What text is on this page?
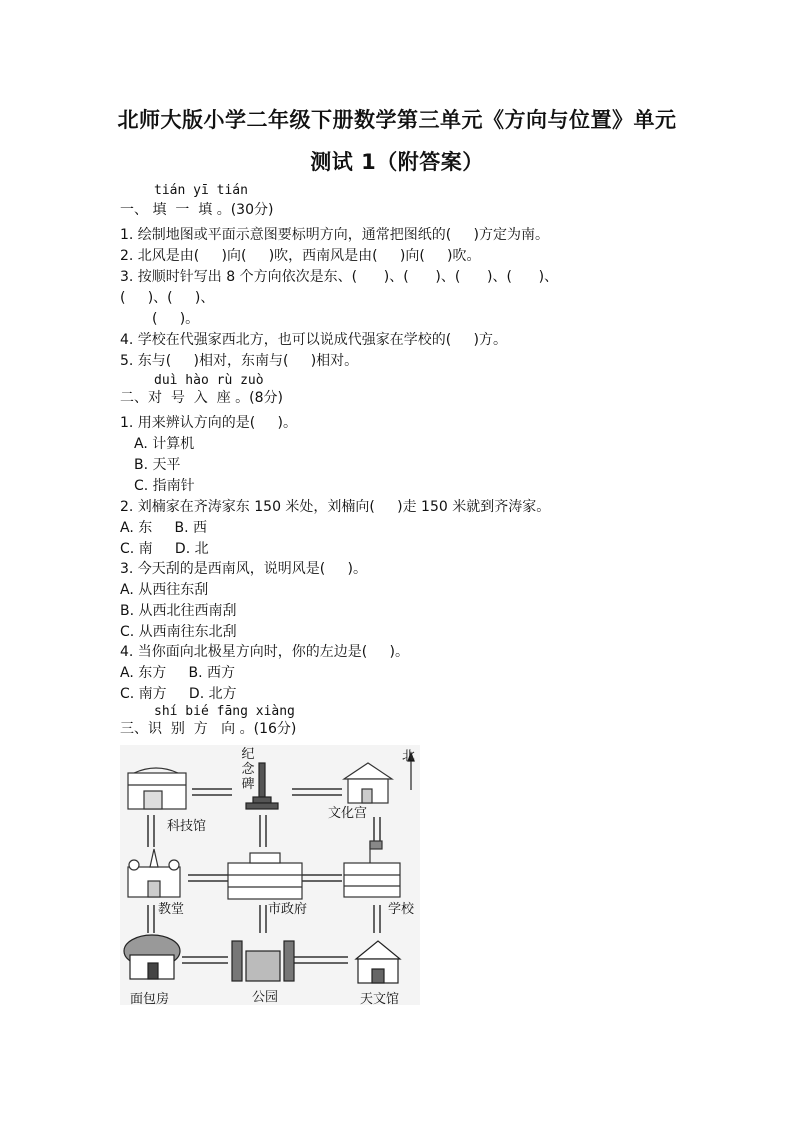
北师大版小学二年级下册数学第三单元《方向与位置》单元
测试 1（附答案）
tián yī tián
一、 填  一  填 。(30分)
1. 绘制地图或平面示意图要标明方向，通常把图纸的(     )方定为南。
2. 北风是由(     )向(     )吹，西南风是由(     )向(     )吹。
3. 按顺时针写出 8 个方向依次是东、(      )、(      )、(      )、(      )、
(     )、(     )、
(     )。
4. 学校在代强家西北方，也可以说成代强家在学校的(     )方。
5. 东与(     )相对，东南与(     )相对。
duì hào rù zuò
二、对  号  入  座 。(8分)
1. 用来辨认方向的是(     )。
A. 计算机
B. 天平
C. 指南针
2. 刘楠家在齐涛家东 150 米处，刘楠向(     )走 150 米就到齐涛家。
A. 东     B. 西
C. 南     D. 北
3. 今天刮的是西南风，说明风是(     )。
A. 从西往东刮
B. 从西北往西南刮
C. 从西南往东北刮
4. 当你面向北极星方向时，你的左边是(     )。
A. 东方     B. 西方
C. 南方     D. 北方
shí bié fāng xiàng
三、识  别  方   向 。(16分)
北
纪念碑
科技馆
文化宫
教堂	市政府	学校
面包房	公园	天文馆
